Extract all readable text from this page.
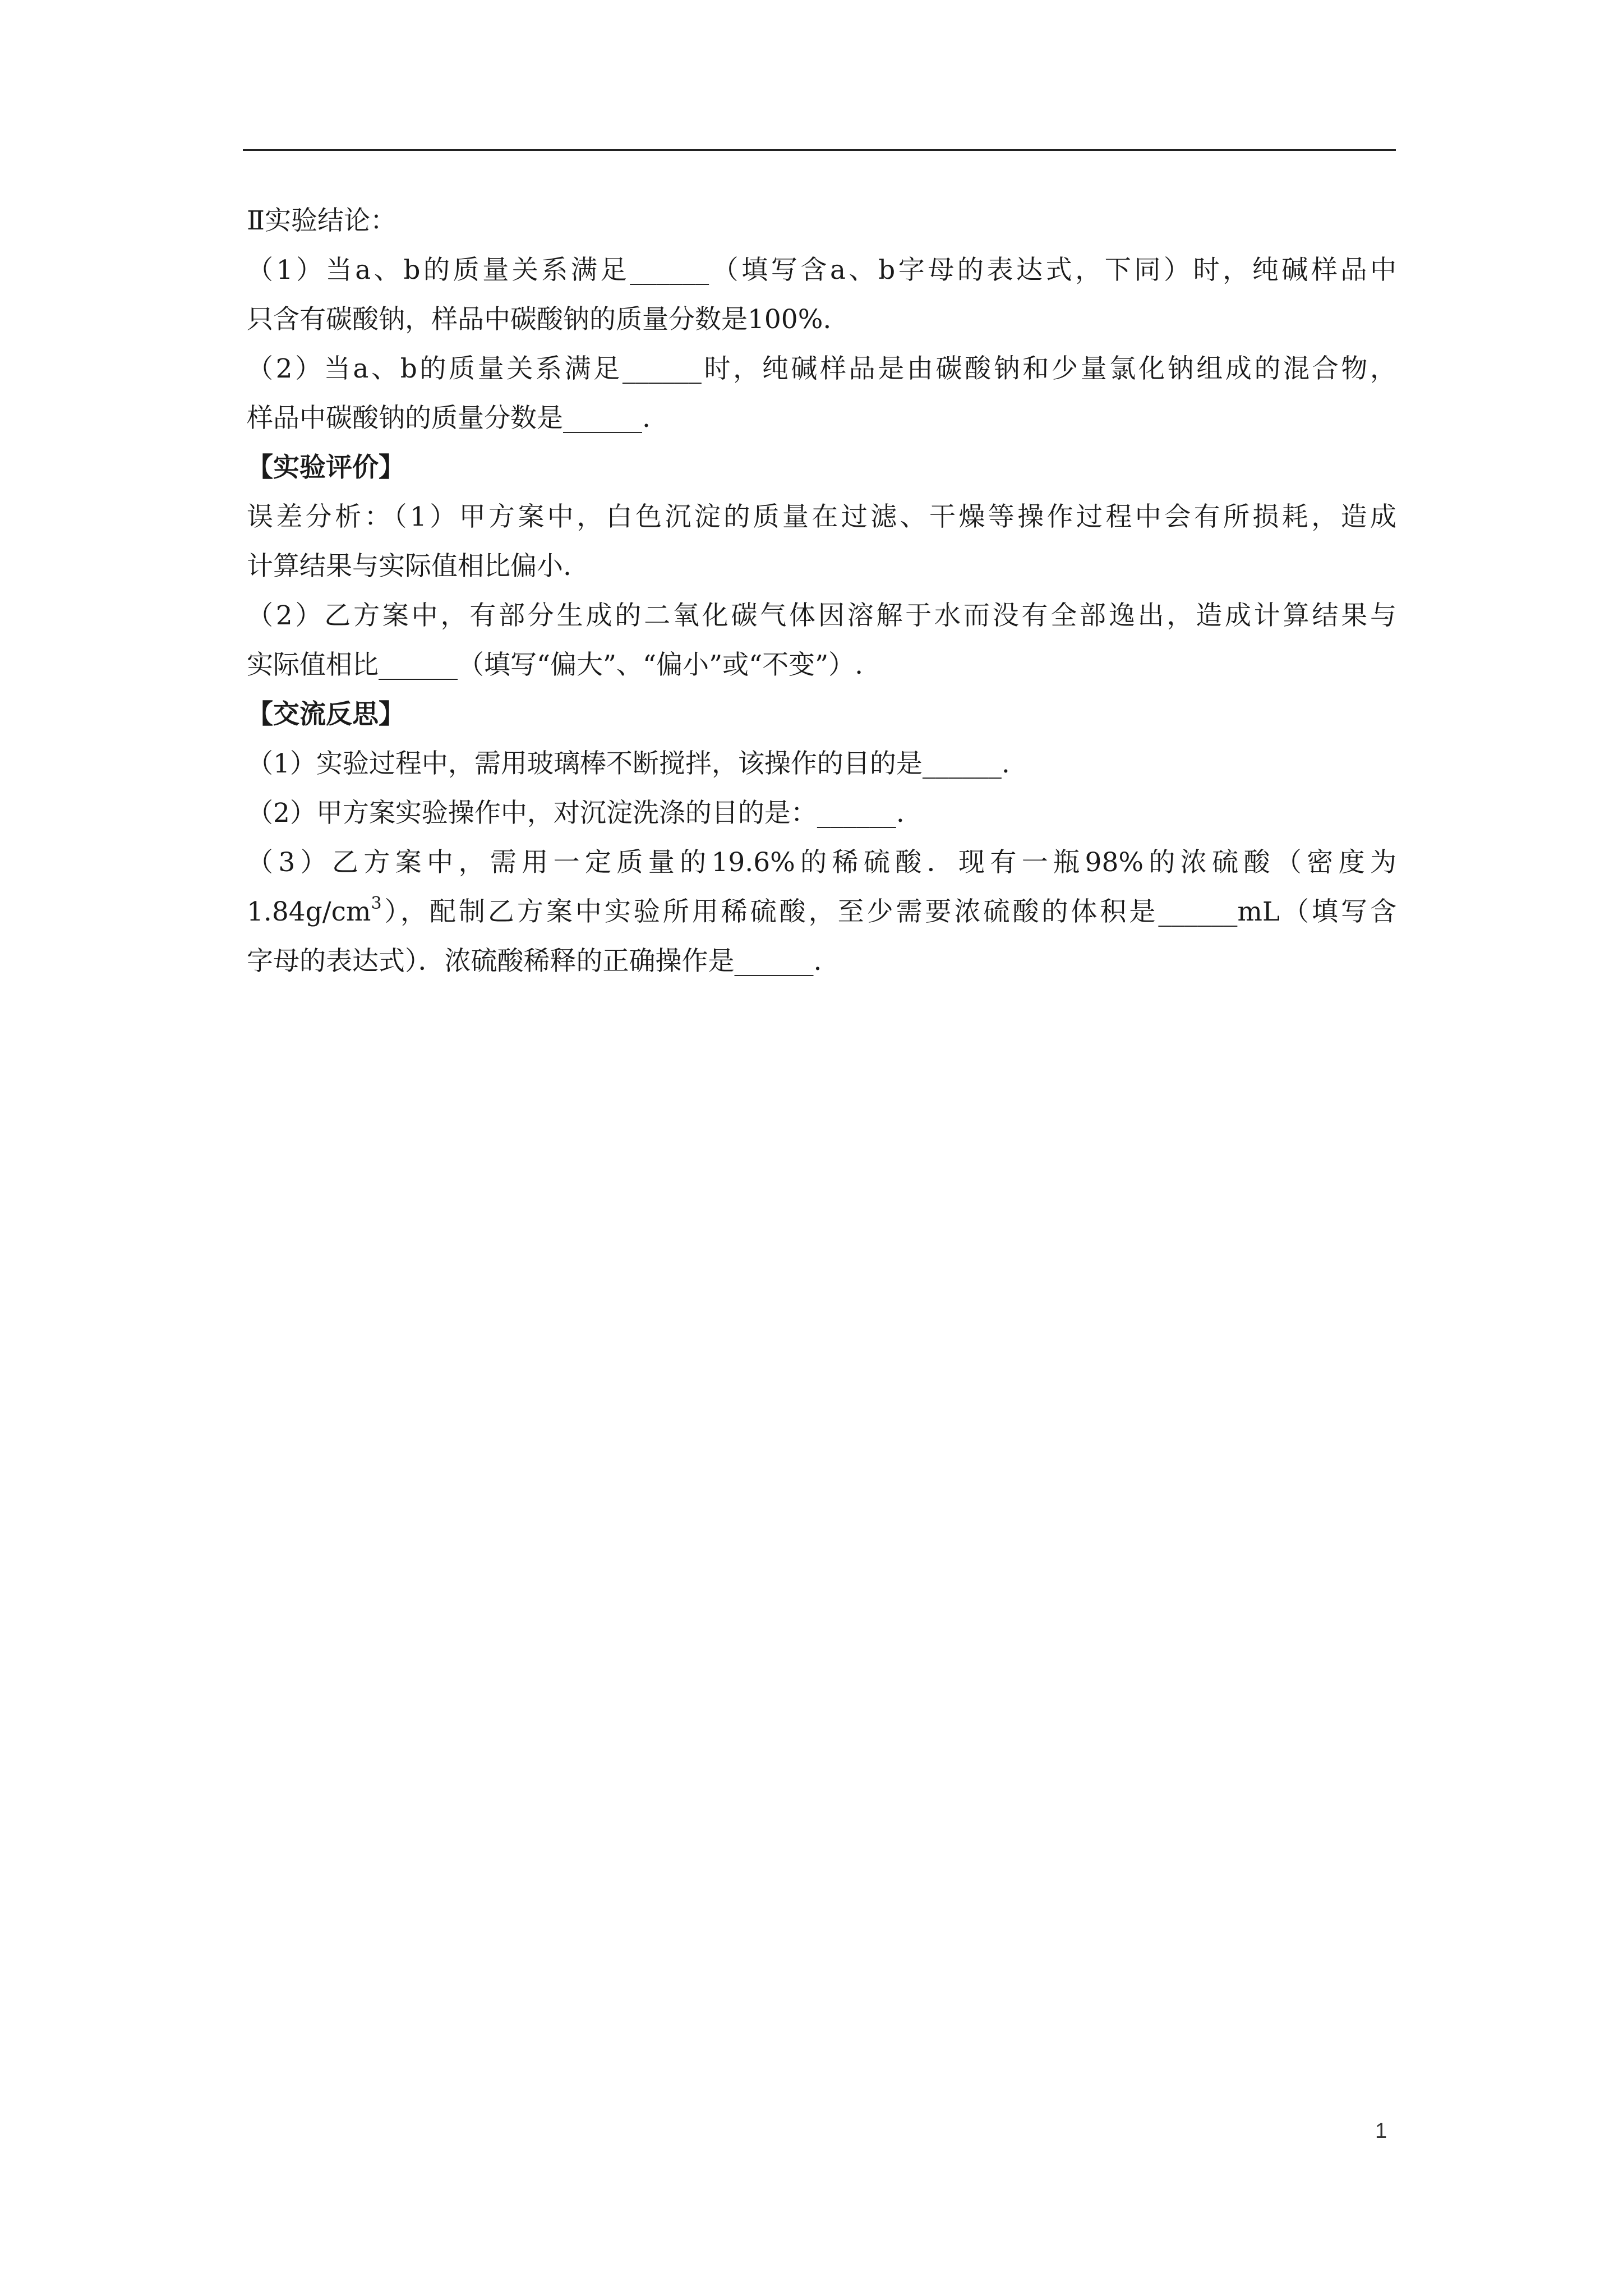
Ⅱ实验结论：
（1）当a、b的质量关系满足______（填写含a、b字母的表达式，下同）时，纯碱样品中
只含有碳酸钠，样品中碳酸钠的质量分数是100%.
（2）当a、b的质量关系满足______时，纯碱样品是由碳酸钠和少量氯化钠组成的混合物，
样品中碳酸钠的质量分数是______.
【实验评价】
误差分析：（1）甲方案中，白色沉淀的质量在过滤、干燥等操作过程中会有所损耗，造成
计算结果与实际值相比偏小.
（2）乙方案中，有部分生成的二氧化碳气体因溶解于水而没有全部逸出，造成计算结果与
实际值相比______（填写“偏大”、“偏小”或“不变”）.
【交流反思】
（1）实验过程中，需用玻璃棒不断搅拌，该操作的目的是______.
（2）甲方案实验操作中，对沉淀洗涤的目的是：______.
（3）乙方案中，需用一定质量的19.6%的稀硫酸．现有一瓶98%的浓硫酸（密度为
$1.84g/cm^3$），配制乙方案中实验所用稀硫酸，至少需要浓硫酸的体积是______mL（填写含
字母的表达式）．浓硫酸稀释的正确操作是______.
1
